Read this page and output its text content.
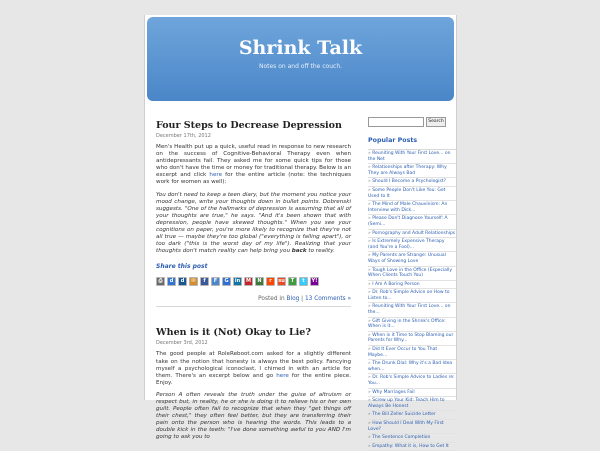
Shrink Talk
Notes on and off the couch.
Four Steps to Decrease Depression
December 17th, 2012

Men's Health put up a quick, useful read in response to new research on the success of Cognitive-Behavioral Therapy even when antidepressants fail. They asked me for some quick tips for those who don't have the time or money for traditional therapy. Below is an excerpt and click here for the entire article (note: the techniques work for women as well):

You don't need to keep a teen diary, but the moment you notice your mood change, write your thoughts down in bullet points. Dobrenski suggests. "One of the hallmarks of depression is assuming that all of your thoughts are true," he says. "And it's been shown that with depression, people have skewed thoughts." When you see your cognitions on paper, you're more likely to recognize that they're not all true — maybe they're too global ("everything is falling apart"), or too dark ("this is the worst day of my life"). Realizing that your thoughts don't match reality can help bring you back to reality.

Share this post
⎙	d	d	✉	f	F	G	in	M	N	r	su	T	t	Y!

Posted in Blog | 13 Comments »

When is it (Not) Okay to Lie?
December 3rd, 2012

The good people at RoleReboot.com asked for a slightly different take on the notion that honesty is always the best policy. Fancying myself a psychological iconoclast, I chimed in with an article for them. There's an excerpt below and go here for the entire piece. Enjoy.

Person A often reveals the truth under the guise of altruism or respect but, in reality, he or she is doing it to relieve his or her own guilt. People often fail to recognize that when they "get things off their chest," they often feel better, but they are transferring their pain onto the person who is hearing the words. This leads to a double kick in the teeth: "I've done something awful to you AND I'm going to ask you to

Search
Popular Posts
» Reuniting With Your First Love... on the Net
» Relationships after Therapy: Why They are Always Bad
» Should I Become a Psychologist?
» Some People Don't Like You: Get Used to It
» The Mind of Male Chauvinism: An Interview with Dick...
» Please Don't Diagnose Yourself: A (Semi...
» Pornography and Adult Relationships
» Is Extremely Expensive Therapy (and You're a Fool)...
» My Parents are Strange: Unusual Ways of Showing Love
» Tough Love in the Office (Especially When Clients Touch You)
» I Am A Boring Person
» Dr. Rob's Simple Advice on How to Listen to...
» Reuniting With Your First Love... on the...
» Gift Giving in the Shrink's Office: When is it...
» When is it Time to Stop Blaming our Parents for Why...
» Did It Ever Occur to You That Maybe...
» The Drunk Dial: Why it's a Bad Idea when...
» Dr. Rob's Simple Advice to Ladies re: You...
» Why Marriages Fail
» Screw up Your Kid: Teach Him to Always Be Honest
» The Bill Zeller Suicide Letter
» How Should I Deal With My First Love?
» The Sentence Completion
» Empathy: What it is, How to Get It
